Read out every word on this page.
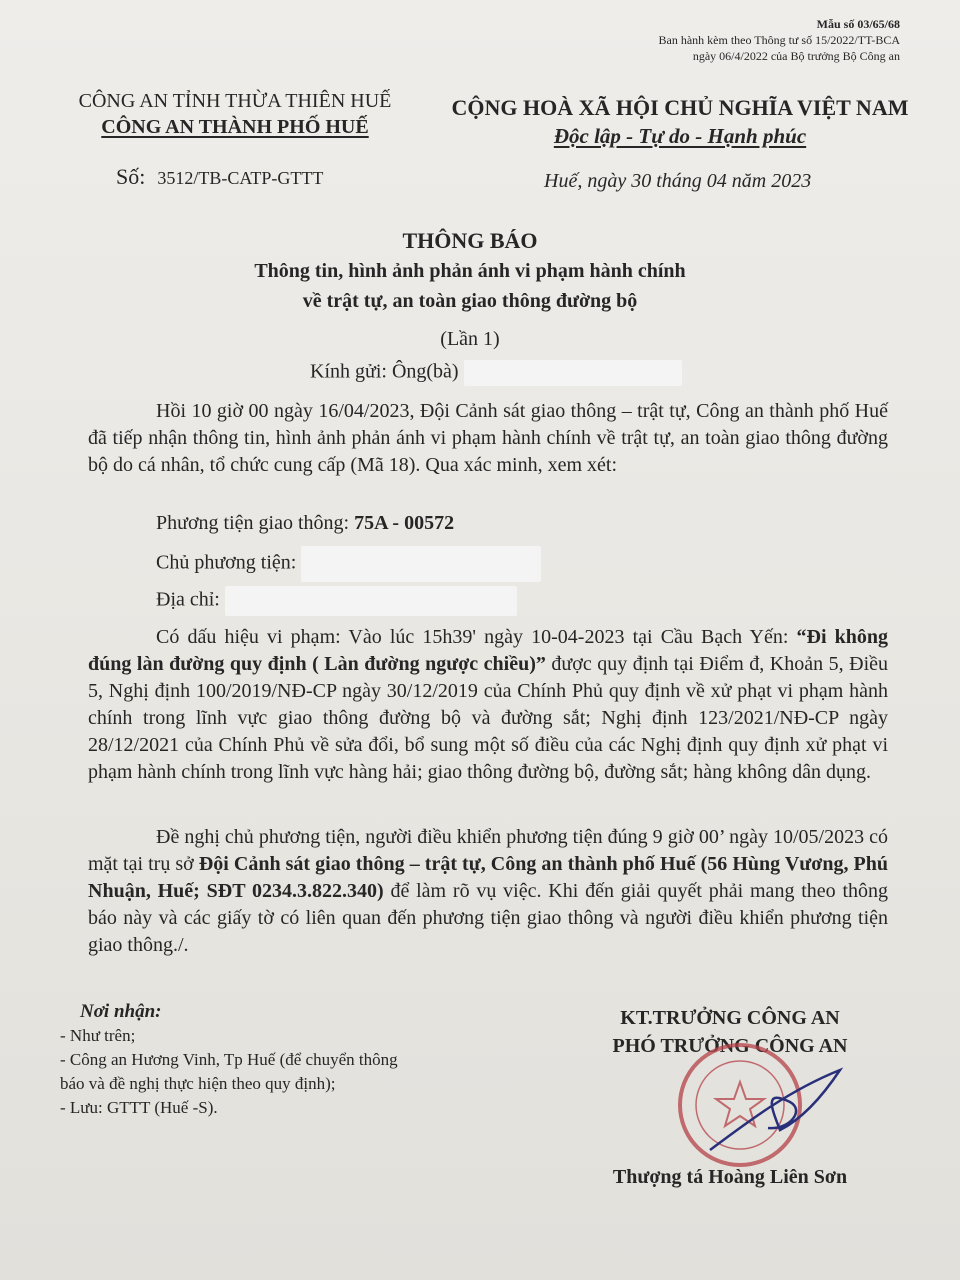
Mẫu số 03/65/68
Ban hành kèm theo Thông tư số 15/2022/TT-BCA
ngày 06/4/2022 của Bộ trưởng Bộ Công an
CÔNG AN TỈNH THỪA THIÊN HUẾ
CÔNG AN THÀNH PHỐ HUẾ
CỘNG HOÀ XÃ HỘI CHỦ NGHĨA VIỆT NAM
Độc lập - Tự do - Hạnh phúc
Số: 3512/TB-CATP-GTTT	Huế, ngày 30 tháng 04 năm 2023
THÔNG BÁO
Thông tin, hình ảnh phản ánh vi phạm hành chính
về trật tự, an toàn giao thông đường bộ
(Lần 1)
Kính gửi: Ông(bà)
Hồi 10 giờ 00 ngày 16/04/2023, Đội Cảnh sát giao thông – trật tự, Công an thành phố Huế đã tiếp nhận thông tin, hình ảnh phản ánh vi phạm hành chính về trật tự, an toàn giao thông đường bộ do cá nhân, tổ chức cung cấp (Mã 18). Qua xác minh, xem xét:
Phương tiện giao thông: 75A - 00572
Chủ phương tiện:
Địa chỉ:
Có dấu hiệu vi phạm: Vào lúc 15h39' ngày 10-04-2023 tại Cầu Bạch Yến: “Đi không đúng làn đường quy định ( Làn đường ngược chiều)” được quy định tại Điểm đ, Khoản 5, Điều 5, Nghị định 100/2019/NĐ-CP ngày 30/12/2019 của Chính Phủ quy định về xử phạt vi phạm hành chính trong lĩnh vực giao thông đường bộ và đường sắt; Nghị định 123/2021/NĐ-CP ngày 28/12/2021 của Chính Phủ về sửa đổi, bổ sung một số điều của các Nghị định quy định xử phạt vi phạm hành chính trong lĩnh vực hàng hải; giao thông đường bộ, đường sắt; hàng không dân dụng.
Đề nghị chủ phương tiện, người điều khiển phương tiện đúng 9 giờ 00’ ngày 10/05/2023 có mặt tại trụ sở Đội Cảnh sát giao thông – trật tự, Công an thành phố Huế (56 Hùng Vương, Phú Nhuận, Huế; SĐT 0234.3.822.340) để làm rõ vụ việc. Khi đến giải quyết phải mang theo thông báo này và các giấy tờ có liên quan đến phương tiện giao thông và người điều khiển phương tiện giao thông./.
Nơi nhận:
- Như trên;
- Công an Hương Vinh, Tp Huế (để chuyển thông
báo và đề nghị thực hiện theo quy định);
- Lưu: GTTT (Huế -S).
KT.TRƯỞNG CÔNG AN
PHÓ TRƯỞNG CÔNG AN
Thượng tá Hoàng Liên Sơn
